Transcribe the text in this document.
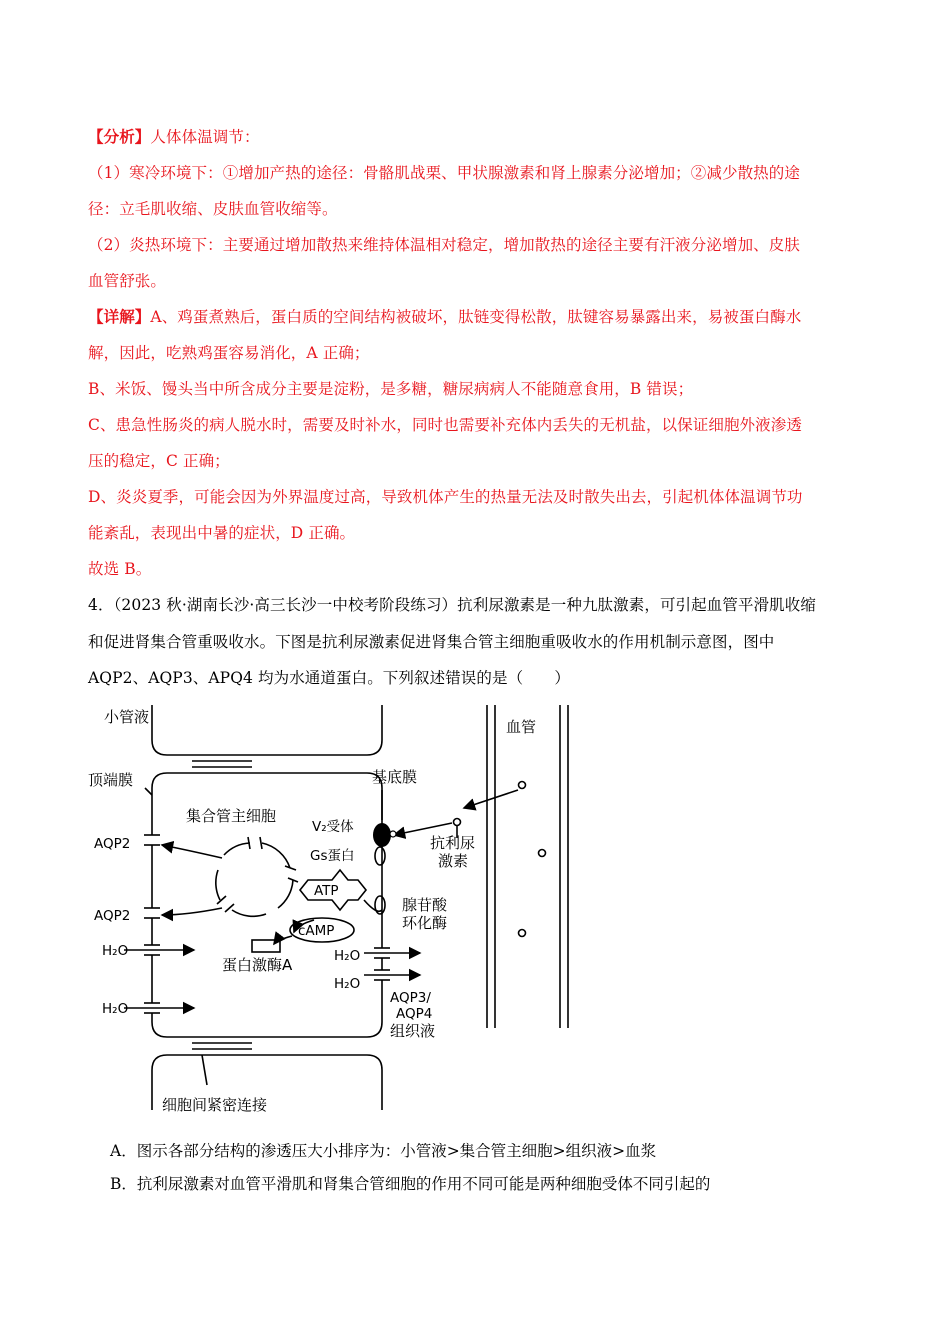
【分析】人体体温调节：
（1）寒冷环境下：①增加产热的途径：骨骼肌战栗、甲状腺激素和肾上腺素分泌增加；②减少散热的途
径：立毛肌收缩、皮肤血管收缩等。
（2）炎热环境下：主要通过增加散热来维持体温相对稳定，增加散热的途径主要有汗液分泌增加、皮肤
血管舒张。
【详解】A、鸡蛋煮熟后，蛋白质的空间结构被破坏，肽链变得松散，肽键容易暴露出来，易被蛋白酶水
解，因此，吃熟鸡蛋容易消化，A 正确；
B、米饭、馒头当中所含成分主要是淀粉，是多糖，糖尿病病人不能随意食用，B 错误；
C、患急性肠炎的病人脱水时，需要及时补水，同时也需要补充体内丢失的无机盐，以保证细胞外液渗透
压的稳定，C 正确；
D、炎炎夏季，可能会因为外界温度过高，导致机体产生的热量无法及时散失出去，引起机体体温调节功
能紊乱，表现出中暑的症状，D 正确。
故选 B。
4．（2023 秋·湖南长沙·高三长沙一中校考阶段练习）抗利尿激素是一种九肽激素，可引起血管平滑肌收缩
和促进肾集合管重吸收水。下图是抗利尿激素促进肾集合管主细胞重吸收水的作用机制示意图，图中
AQP2、AQP3、APQ4 均为水通道蛋白。下列叙述错误的是（　　）
小管液
顶端膜
集合管主细胞
AQP2
AQP2
H₂O
H₂O
基底膜
V₂受体
Gs蛋白
ATP
cAMP
腺苷酸
环化酶
蛋白激酶A	H₂O
H₂O
AQP3/
AQP4
组织液
血管
抗利尿
激素
细胞间紧密连接
A．图示各部分结构的渗透压大小排序为：小管液>集合管主细胞>组织液>血浆
B．抗利尿激素对血管平滑肌和肾集合管细胞的作用不同可能是两种细胞受体不同引起的
